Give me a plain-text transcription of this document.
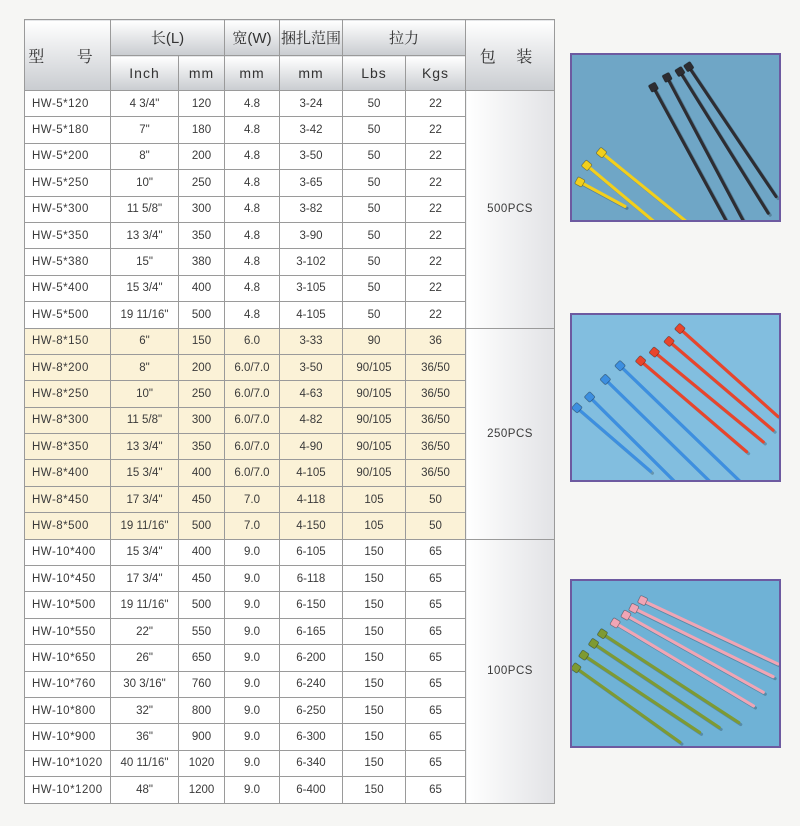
型 号	长(L)		宽(W)	捆扎范围	拉力		包 装
	Inch	mm	mm	mm	Lbs	Kgs	
HW-5*120	4 3/4"	120	4.8	3-24	50	22	500PCS
HW-5*180	7"	180	4.8	3-42	50	22	
HW-5*200	8"	200	4.8	3-50	50	22	
HW-5*250	10"	250	4.8	3-65	50	22	
HW-5*300	11 5/8"	300	4.8	3-82	50	22	
HW-5*350	13 3/4"	350	4.8	3-90	50	22	
HW-5*380	15"	380	4.8	3-102	50	22	
HW-5*400	15 3/4"	400	4.8	3-105	50	22	
HW-5*500	19 11/16"	500	4.8	4-105	50	22	
HW-8*150	6"	150	6.0	3-33	90	36	250PCS
HW-8*200	8"	200	6.0/7.0	3-50	90/105	36/50	
HW-8*250	10"	250	6.0/7.0	4-63	90/105	36/50	
HW-8*300	11 5/8"	300	6.0/7.0	4-82	90/105	36/50	
HW-8*350	13 3/4"	350	6.0/7.0	4-90	90/105	36/50	
HW-8*400	15 3/4"	400	6.0/7.0	4-105	90/105	36/50	
HW-8*450	17 3/4"	450	7.0	4-118	105	50	
HW-8*500	19 11/16"	500	7.0	4-150	105	50	
HW-10*400	15 3/4"	400	9.0	6-105	150	65	100PCS
HW-10*450	17 3/4"	450	9.0	6-118	150	65	
HW-10*500	19 11/16"	500	9.0	6-150	150	65	
HW-10*550	22"	550	9.0	6-165	150	65	
HW-10*650	26"	650	9.0	6-200	150	65	
HW-10*760	30 3/16"	760	9.0	6-240	150	65	
HW-10*800	32"	800	9.0	6-250	150	65	
HW-10*900	36"	900	9.0	6-300	150	65	
HW-10*1020	40 11/16"	1020	9.0	6-340	150	65	
HW-10*1200	48"	1200	9.0	6-400	150	65	
